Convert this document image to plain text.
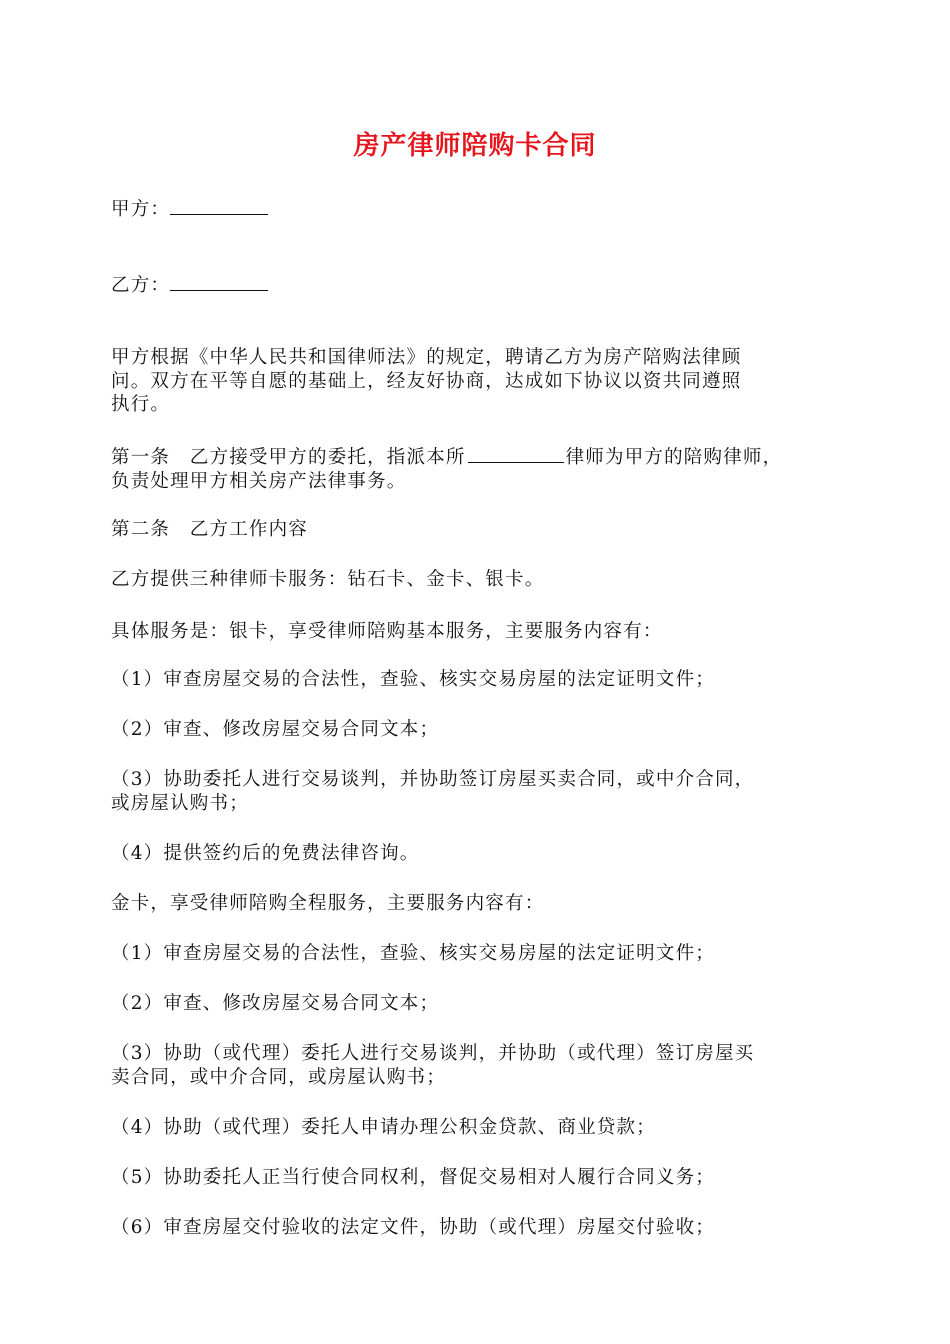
房产律师陪购卡合同
甲方：
乙方：
甲方根据《中华人民共和国律师法》的规定，聘请乙方为房产陪购法律顾
问。双方在平等自愿的基础上，经友好协商，达成如下协议以资共同遵照
执行。
第一条　乙方接受甲方的委托，指派本所	律师为甲方的陪购律师，
负责处理甲方相关房产法律事务。
第二条　乙方工作内容
乙方提供三种律师卡服务：钻石卡、金卡、银卡。
具体服务是：银卡，享受律师陪购基本服务，主要服务内容有：
（1）审查房屋交易的合法性，查验、核实交易房屋的法定证明文件；
（2）审查、修改房屋交易合同文本；
（3）协助委托人进行交易谈判，并协助签订房屋买卖合同，或中介合同，
或房屋认购书；
（4）提供签约后的免费法律咨询。
金卡，享受律师陪购全程服务，主要服务内容有：
（1）审查房屋交易的合法性，查验、核实交易房屋的法定证明文件；
（2）审查、修改房屋交易合同文本；
（3）协助（或代理）委托人进行交易谈判，并协助（或代理）签订房屋买
卖合同，或中介合同，或房屋认购书；
（4）协助（或代理）委托人申请办理公积金贷款、商业贷款；
（5）协助委托人正当行使合同权利，督促交易相对人履行合同义务；
（6）审查房屋交付验收的法定文件，协助（或代理）房屋交付验收；
